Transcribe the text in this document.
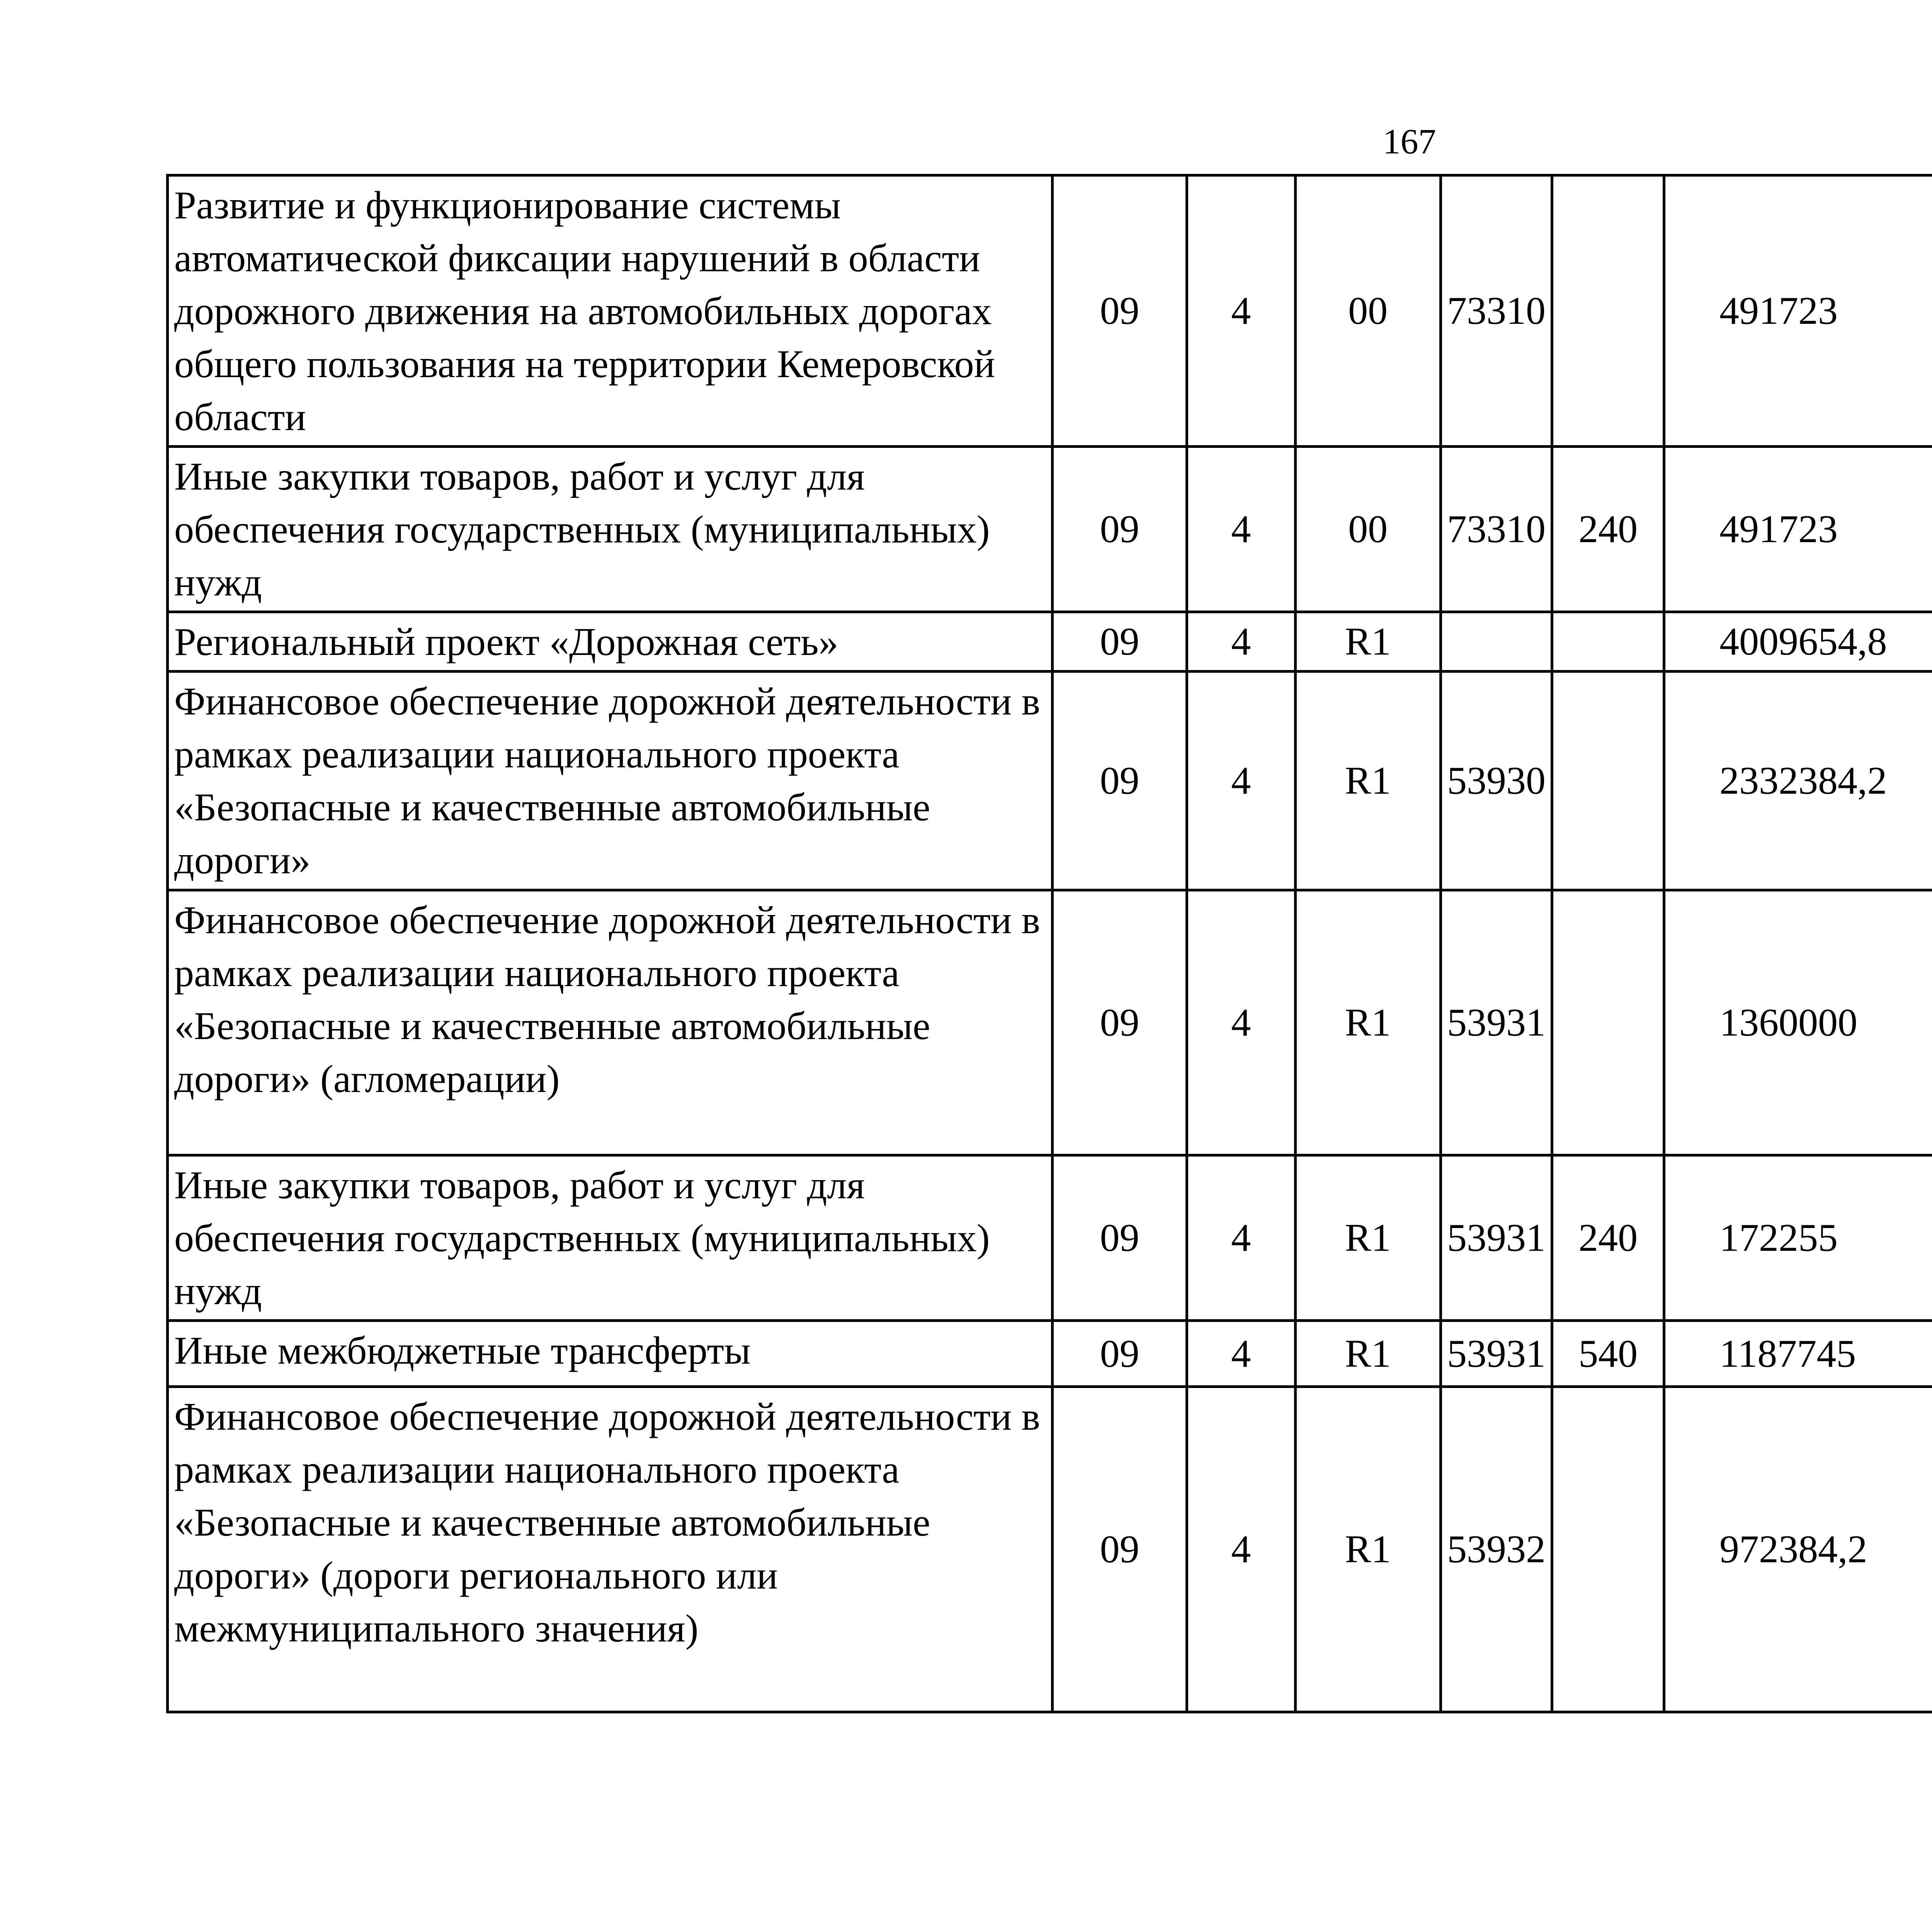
167
Развитие и функционирование системы автоматической фиксации нарушений в области дорожного движения на автомобильных дорогах общего пользования на территории Кемеровской области	09	4	00	73310		491723		
Иные закупки товаров, работ и услуг для обеспечения государственных (муниципальных) нужд	09	4	00	73310	240	491723		
Региональный проект «Дорожная сеть»	09	4	R1			4009654,8		
Финансовое обеспечение дорожной деятельности в рамках реализации национального проекта «Безопасные и качественные автомобильные дороги»	09	4	R1	53930		2332384,2		
Финансовое обеспечение дорожной деятельности в рамках реализации национального проекта «Безопасные и качественные автомобильные дороги» (агломерации)	09	4	R1	53931		1360000		
Иные закупки товаров, работ и услуг для обеспечения государственных (муниципальных) нужд	09	4	R1	53931	240	172255		
Иные межбюджетные трансферты	09	4	R1	53931	540	1187745		
Финансовое обеспечение дорожной деятельности в рамках реализации национального проекта «Безопасные и качественные автомобильные дороги» (дороги регионального или межмуниципального значения)	09	4	R1	53932		972384,2		
